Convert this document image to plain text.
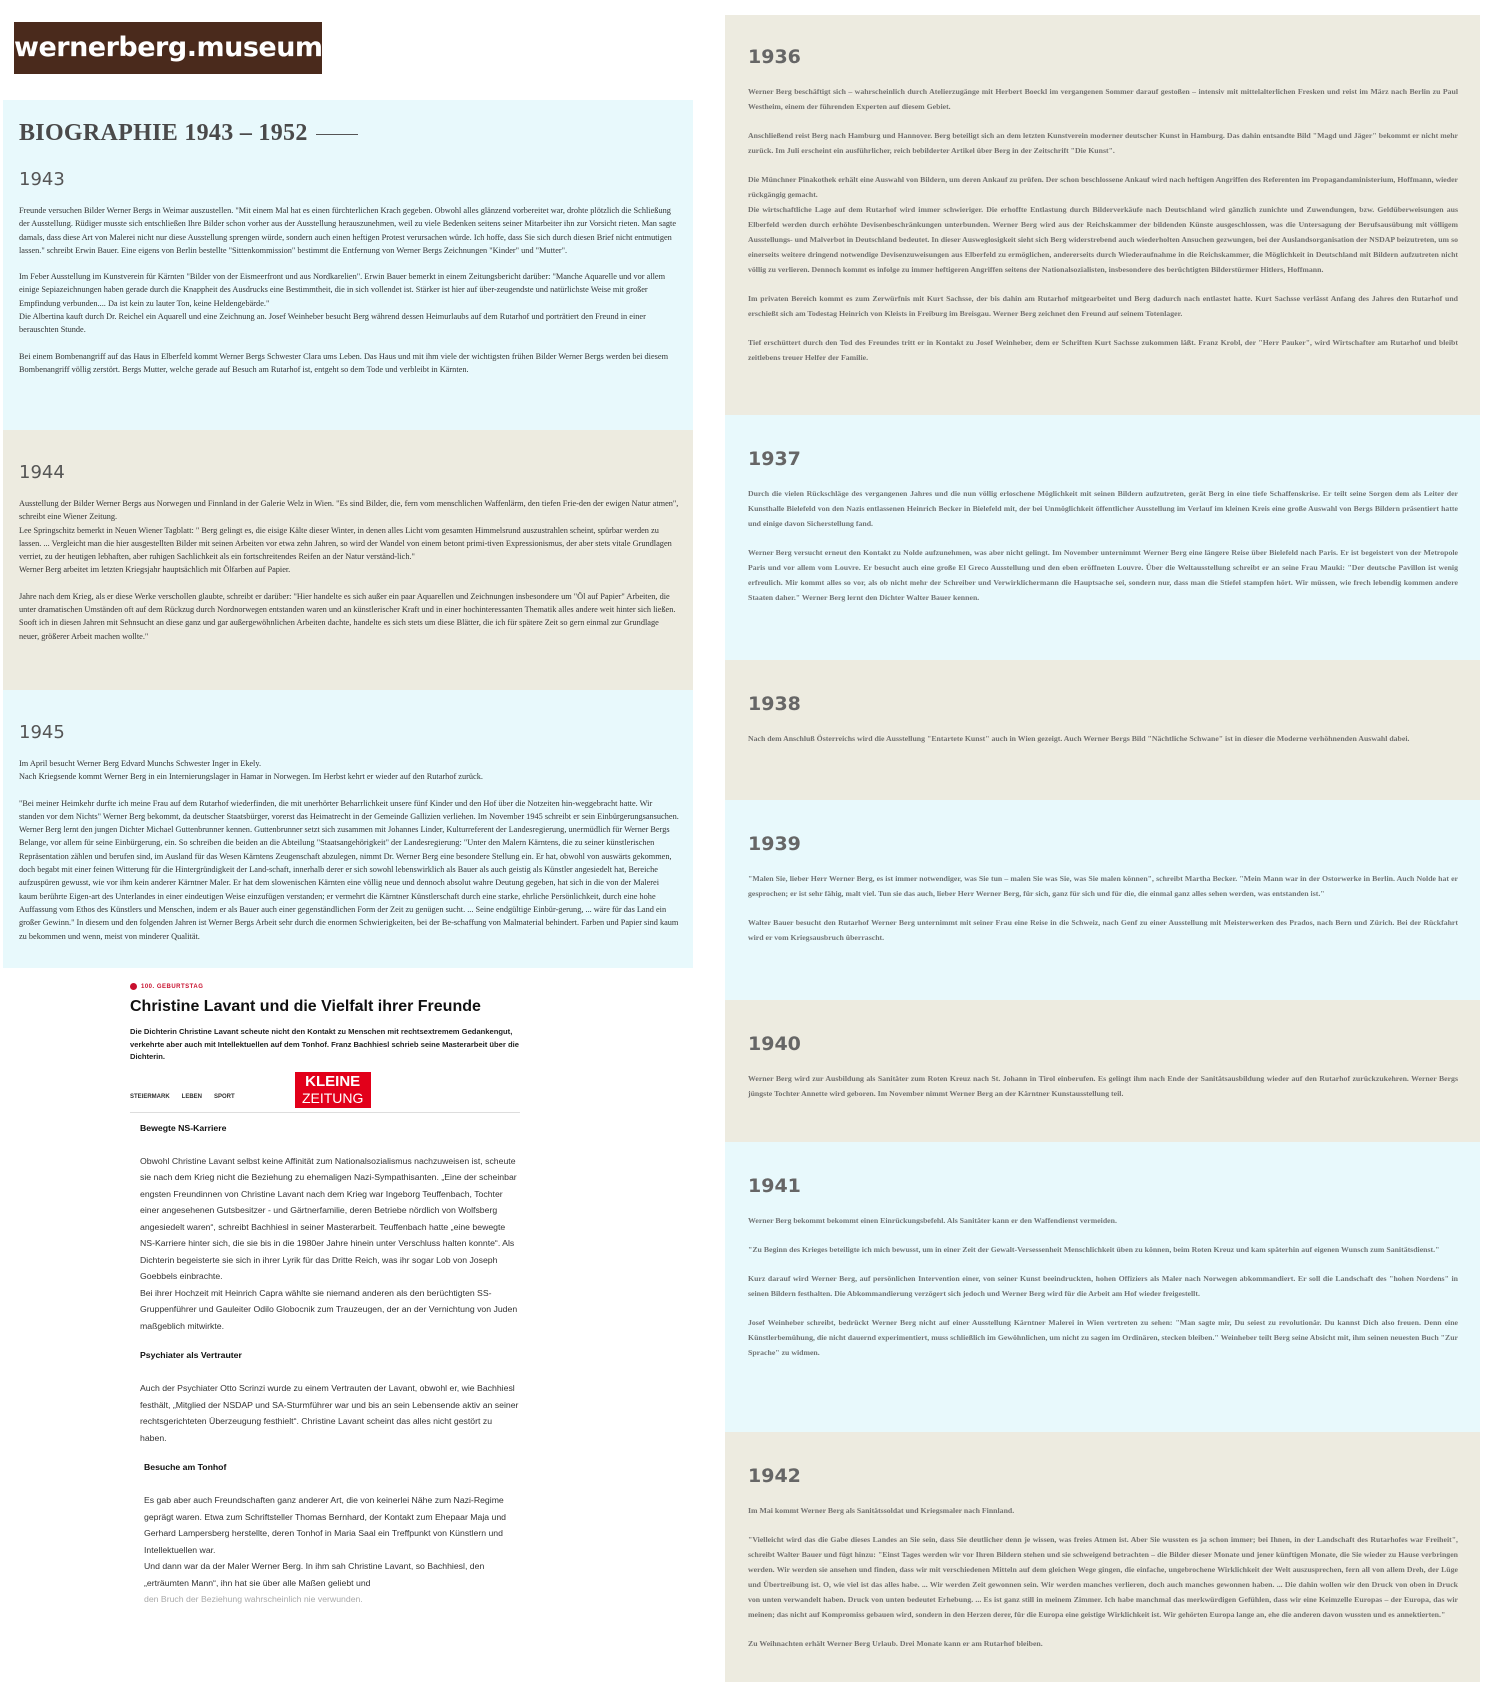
wernerberg.museum
BIOGRAPHIE 1943 – 1952
1943

Freunde versuchen Bilder Werner Bergs in Weimar auszustellen. "Mit einem Mal hat es einen fürchterlichen Krach gegeben. Obwohl alles glänzend vorbereitet war, drohte plötzlich die Schließung der Ausstellung. Rüdiger musste sich entschließen Ihre Bilder schon vorher aus der Ausstellung herauszunehmen, weil zu viele Bedenken seitens seiner Mitarbeiter ihn zur Vorsicht rieten. Man sagte damals, dass diese Art von Malerei nicht nur diese Ausstellung sprengen würde, sondern auch einen heftigen Protest verursachen würde. Ich hoffe, dass Sie sich durch diesen Brief nicht entmutigen lassen." schreibt Erwin Bauer. Eine eigens von Berlin bestellte "Sittenkommission" bestimmt die Entfernung von Werner Bergs Zeichnungen "Kinder" und "Mutter".

Im Feber Ausstellung im Kunstverein für Kärnten "Bilder von der Eismeerfront und aus Nordkarelien". Erwin Bauer bemerkt in einem Zeitungsbericht darüber: "Manche Aquarelle und vor allem einige Sepiazeichnungen haben gerade durch die Knappheit des Ausdrucks eine Bestimmtheit, die in sich vollendet ist. Stärker ist hier auf über-zeugendste und natürlichste Weise mit großer Empfindung verbunden.... Da ist kein zu lauter Ton, keine Heldengebärde."
Die Albertina kauft durch Dr. Reichel ein Aquarell und eine Zeichnung an. Josef Weinheber besucht Berg während dessen Heimurlaubs auf dem Rutarhof und porträtiert den Freund in einer berauschten Stunde.

Bei einem Bombenangriff auf das Haus in Elberfeld kommt Werner Bergs Schwester Clara ums Leben. Das Haus und mit ihm viele der wichtigsten frühen Bilder Werner Bergs werden bei diesem Bombenangriff völlig zerstört. Bergs Mutter, welche gerade auf Besuch am Rutarhof ist, entgeht so dem Tode und verbleibt in Kärnten.

1944

Ausstellung der Bilder Werner Bergs aus Norwegen und Finnland in der Galerie Welz in Wien. "Es sind Bilder, die, fern vom menschlichen Waffenlärm, den tiefen Frie-den der ewigen Natur atmen", schreibt eine Wiener Zeitung.
Lee Springschitz bemerkt in Neuen Wiener Tagblatt: " Berg gelingt es, die eisige Kälte dieser Winter, in denen alles Licht vom gesamten Himmelsrund auszustrahlen scheint, spürbar werden zu lassen. ... Vergleicht man die hier ausgestellten Bilder mit seinen Arbeiten vor etwa zehn Jahren, so wird der Wandel von einem betont primi-tiven Expressionismus, der aber stets vitale Grundlagen verriet, zu der heutigen lebhaften, aber ruhigen Sachlichkeit als ein fortschreitendes Reifen an der Natur verständ-lich."
Werner Berg arbeitet im letzten Kriegsjahr hauptsächlich mit Ölfarben auf Papier.

Jahre nach dem Krieg, als er diese Werke verschollen glaubte, schreibt er darüber: "Hier handelte es sich außer ein paar Aquarellen und Zeichnungen insbesondere um "Öl auf Papier" Arbeiten, die unter dramatischen Umständen oft auf dem Rückzug durch Nordnorwegen entstanden waren und an künstlerischer Kraft und in einer hochinteressanten Thematik alles andere weit hinter sich ließen. Sooft ich in diesen Jahren mit Sehnsucht an diese ganz und gar außergewöhnlichen Arbeiten dachte, handelte es sich stets um diese Blätter, die ich für spätere Zeit so gern einmal zur Grundlage neuer, größerer Arbeit machen wollte."

1945

Im April besucht Werner Berg Edvard Munchs Schwester Inger in Ekely.
Nach Kriegsende kommt Werner Berg in ein Internierungslager in Hamar in Norwegen. Im Herbst kehrt er wieder auf den Rutarhof zurück.

"Bei meiner Heimkehr durfte ich meine Frau auf dem Rutarhof wiederfinden, die mit unerhörter Beharrlichkeit unsere fünf Kinder und den Hof über die Notzeiten hin-weggebracht hatte. Wir standen vor dem Nichts" Werner Berg bekommt, da deutscher Staatsbürger, vorerst das Heimatrecht in der Gemeinde Gallizien verliehen. Im November 1945 schreibt er sein Einbürgerungsansuchen.
Werner Berg lernt den jungen Dichter Michael Guttenbrunner kennen. Guttenbrunner setzt sich zusammen mit Johannes Linder, Kulturreferent der Landesregierung, unermüdlich für Werner Bergs Belange, vor allem für seine Einbürgerung, ein. So schreiben die beiden an die Abteilung "Staatsangehörigkeit" der Landesregierung: "Unter den Malern Kärntens, die zu seiner künstlerischen Repräsentation zählen und berufen sind, im Ausland für das Wesen Kärntens Zeugenschaft abzulegen, nimmt Dr. Werner Berg eine besondere Stellung ein. Er hat, obwohl von auswärts gekommen, doch begabt mit einer feinen Witterung für die Hintergründigkeit der Land-schaft, innerhalb derer er sich sowohl lebenswirklich als Bauer als auch geistig als Künstler angesiedelt hat, Bereiche aufzuspüren gewusst, wie vor ihm kein anderer Kärntner Maler. Er hat dem slowenischen Kärnten eine völlig neue und dennoch absolut wahre Deutung gegeben, hat sich in die von der Malerei kaum berührte Eigen-art des Unterlandes in einer eindeutigen Weise einzufügen verstanden; er vermehrt die Kärntner Künstlerschaft durch eine starke, ehrliche Persönlichkeit, durch eine hohe Auffassung vom Ethos des Künstlers und Menschen, indem er als Bauer auch einer gegenständlichen Form der Zeit zu genügen sucht. ... Seine endgültige Einbür-gerung, ... wäre für das Land ein großer Gewinn." In diesem und den folgenden Jahren ist Werner Bergs Arbeit sehr durch die enormen Schwierigkeiten, bei der Be-schaffung von Malmaterial behindert. Farben und Papier sind kaum zu bekommen und wenn, meist von minderer Qualität.

100. GEBURTSTAG
Christine Lavant und die Vielfalt ihrer Freunde
Die Dichterin Christine Lavant scheute nicht den Kontakt zu Menschen mit rechtsextremem Gedankengut, verkehrte aber auch mit Intellektuellen auf dem Tonhof. Franz Bachhiesl schrieb seine Masterarbeit über die Dichterin.
STEIERMARK LEBEN SPORT
KLEINE
ZEITUNG
Bewegte NS-Karriere

Obwohl Christine Lavant selbst keine Affinität zum Nationalsozialismus nachzuweisen ist, scheute sie nach dem Krieg nicht die Beziehung zu ehemaligen Nazi-Sympathisanten. „Eine der scheinbar engsten Freundinnen von Christine Lavant nach dem Krieg war Ingeborg Teuffenbach, Tochter einer angesehenen Gutsbesitzer - und Gärtnerfamilie, deren Betriebe nördlich von Wolfsberg angesiedelt waren“, schreibt Bachhiesl in seiner Masterarbeit. Teuffenbach hatte „eine bewegte NS-Karriere hinter sich, die sie bis in die 1980er Jahre hinein unter Verschluss halten konnte“. Als Dichterin begeisterte sie sich in ihrer Lyrik für das Dritte Reich, was ihr sogar Lob von Joseph Goebbels einbrachte.
Bei ihrer Hochzeit mit Heinrich Capra wählte sie niemand anderen als den berüchtigten SS-Gruppenführer und Gauleiter Odilo Globocnik zum Trauzeugen, der an der Vernichtung von Juden maßgeblich mitwirkte.

Psychiater als Vertrauter

Auch der Psychiater Otto Scrinzi wurde zu einem Vertrauten der Lavant, obwohl er, wie Bachhiesl festhält, „Mitglied der NSDAP und SA-Sturmführer war und bis an sein Lebensende aktiv an seiner rechtsgerichteten Überzeugung festhielt“. Christine Lavant scheint das alles nicht gestört zu haben.

Besuche am Tonhof

Es gab aber auch Freundschaften ganz anderer Art, die von keinerlei Nähe zum Nazi-Regime geprägt waren. Etwa zum Schriftsteller Thomas Bernhard, der Kontakt zum Ehepaar Maja und Gerhard Lampersberg herstellte, deren Tonhof in Maria Saal ein Treffpunkt von Künstlern und Intellektuellen war.
Und dann war da der Maler Werner Berg. In ihm sah Christine Lavant, so Bachhiesl, den „erträumten Mann“, ihn hat sie über alle Maßen geliebt und

den Bruch der Beziehung wahrscheinlich nie verwunden.

1936

Werner Berg beschäftigt sich – wahrscheinlich durch Atelierzugänge mit Herbert Boeckl im vergangenen Sommer darauf gestoßen – intensiv mit mittelalterlichen Fresken und reist im März nach Berlin zu Paul Westheim, einem der führenden Experten auf diesem Gebiet.

Anschließend reist Berg nach Hamburg und Hannover. Berg beteiligt sich an dem letzten Kunstverein moderner deutscher Kunst in Hamburg. Das dahin entsandte Bild "Magd und Jäger" bekommt er nicht mehr zurück. Im Juli erscheint ein ausführlicher, reich bebilderter Artikel über Berg in der Zeitschrift "Die Kunst".

Die Münchner Pinakothek erhält eine Auswahl von Bildern, um deren Ankauf zu prüfen. Der schon beschlossene Ankauf wird nach heftigen Angriffen des Referenten im Propagandaministerium, Hoffmann, wieder rückgängig gemacht.
Die wirtschaftliche Lage auf dem Rutarhof wird immer schwieriger. Die erhoffte Entlastung durch Bilderverkäufe nach Deutschland wird gänzlich zunichte und Zuwendungen, bzw. Geldüberweisungen aus Elberfeld werden durch erhöhte Devisenbeschränkungen unterbunden. Werner Berg wird aus der Reichskammer der bildenden Künste ausgeschlossen, was die Untersagung der Berufsausübung mit völligem Ausstellungs- und Malverbot in Deutschland bedeutet. In dieser Ausweglosigkeit sieht sich Berg widerstrebend auch wiederholten Ansuchen gezwungen, bei der Auslandsorganisation der NSDAP beizutreten, um so einerseits weitere dringend notwendige Devisenzuweisungen aus Elberfeld zu ermöglichen, andererseits durch Wiederaufnahme in die Reichskammer, die Möglichkeit in Deutschland mit Bildern aufzutreten nicht völlig zu verlieren. Dennoch kommt es infolge zu immer heftigeren Angriffen seitens der Nationalsozialisten, insbesondere des berüchtigten Bilderstürmer Hitlers, Hoffmann.

Im privaten Bereich kommt es zum Zerwürfnis mit Kurt Sachsse, der bis dahin am Rutarhof mitgearbeitet und Berg dadurch nach entlastet hatte. Kurt Sachsse verlässt Anfang des Jahres den Rutarhof und erschießt sich am Todestag Heinrich von Kleists in Freiburg im Breisgau. Werner Berg zeichnet den Freund auf seinem Totenlager.

Tief erschüttert durch den Tod des Freundes tritt er in Kontakt zu Josef Weinheber, dem er Schriften Kurt Sachsse zukommen läßt. Franz Krobl, der "Herr Pauker", wird Wirtschafter am Rutarhof und bleibt zeitlebens treuer Helfer der Familie.

1937

Durch die vielen Rückschläge des vergangenen Jahres und die nun völlig erloschene Möglichkeit mit seinen Bildern aufzutreten, gerät Berg in eine tiefe Schaffenskrise. Er teilt seine Sorgen dem als Leiter der Kunsthalle Bielefeld von den Nazis entlassenen Heinrich Becker in Bielefeld mit, der bei Unmöglichkeit öffentlicher Ausstellung im Verlauf im kleinen Kreis eine große Auswahl von Bergs Bildern präsentiert hatte und einige davon Sicherstellung fand.

Werner Berg versucht erneut den Kontakt zu Nolde aufzunehmen, was aber nicht gelingt. Im November unternimmt Werner Berg eine längere Reise über Bielefeld nach Paris. Er ist begeistert von der Metropole Paris und vor allem vom Louvre. Er besucht auch eine große El Greco Ausstellung und den eben eröffneten Louvre. Über die Weltausstellung schreibt er an seine Frau Mauki: "Der deutsche Pavillon ist wenig erfreulich. Mir kommt alles so vor, als ob nicht mehr der Schreiber und Verwirklichermann die Hauptsache sei, sondern nur, dass man die Stiefel stampfen hört. Wir müssen, wie frech lebendig kommen andere Staaten daher." Werner Berg lernt den Dichter Walter Bauer kennen.

1938

Nach dem Anschluß Österreichs wird die Ausstellung "Entartete Kunst" auch in Wien gezeigt. Auch Werner Bergs Bild "Nächtliche Schwane" ist in dieser die Moderne verhöhnenden Auswahl dabei.

1939

"Malen Sie, lieber Herr Werner Berg, es ist immer notwendiger, was Sie tun – malen Sie was Sie, was Sie malen können", schreibt Martha Becker. "Mein Mann war in der Ostorwerke in Berlin. Auch Nolde hat er gesprochen; er ist sehr fähig, malt viel. Tun sie das auch, lieber Herr Werner Berg, für sich, ganz für sich und für die, die einmal ganz alles sehen werden, was entstanden ist."

Walter Bauer besucht den Rutarhof Werner Berg unternimmt mit seiner Frau eine Reise in die Schweiz, nach Genf zu einer Ausstellung mit Meisterwerken des Prados, nach Bern und Zürich. Bei der Rückfahrt wird er vom Kriegsausbruch überrascht.

1940

Werner Berg wird zur Ausbildung als Sanitäter zum Roten Kreuz nach St. Johann in Tirol einberufen. Es gelingt ihm nach Ende der Sanitätsausbildung wieder auf den Rutarhof zurückzukehren. Werner Bergs jüngste Tochter Annette wird geboren. Im November nimmt Werner Berg an der Kärntner Kunstausstellung teil.

1941

Werner Berg bekommt bekommt einen Einrückungsbefehl. Als Sanitäter kann er den Waffendienst vermeiden.

"Zu Beginn des Krieges beteiligte ich mich bewusst, um in einer Zeit der Gewalt-Versessenheit Menschlichkeit üben zu können, beim Roten Kreuz und kam späterhin auf eigenen Wunsch zum Sanitätsdienst."

Kurz darauf wird Werner Berg, auf persönlichen Intervention einer, von seiner Kunst beeindruckten, hohen Offiziers als Maler nach Norwegen abkommandiert. Er soll die Landschaft des "hohen Nordens" in seinen Bildern festhalten. Die Abkommandierung verzögert sich jedoch und Werner Berg wird für die Arbeit am Hof wieder freigestellt.

Josef Weinheber schreibt, bedrückt Werner Berg nicht auf einer Ausstellung Kärntner Malerei in Wien vertreten zu sehen: "Man sagte mir, Du seiest zu revolutionär. Du kannst Dich also freuen. Denn eine Künstlerbemühung, die nicht dauernd experimentiert, muss schließlich im Gewöhnlichen, um nicht zu sagen im Ordinären, stecken bleiben." Weinheber teilt Berg seine Absicht mit, ihm seinen neuesten Buch "Zur Sprache" zu widmen.

1942

Im Mai kommt Werner Berg als Sanitätssoldat und Kriegsmaler nach Finnland.

"Vielleicht wird das die Gabe dieses Landes an Sie sein, dass Sie deutlicher denn je wissen, was freies Atmen ist. Aber Sie wussten es ja schon immer; bei Ihnen, in der Landschaft des Rutarhofes war Freiheit", schreibt Walter Bauer und fügt hinzu: "Einst Tages werden wir vor Ihren Bildern stehen und sie schweigend betrachten – die Bilder dieser Monate und jener künftigen Monate, die Sie wieder zu Hause verbringen werden. Wir werden sie ansehen und finden, dass wir mit verschiedenen Mitteln auf dem gleichen Wege gingen, die einfache, ungebrochene Wirklichkeit der Welt auszusprechen, fern all von allem Dreh, der Lüge und Übertreibung ist. O, wie viel ist das alles habe. ... Wir werden Zeit gewonnen sein. Wir werden manches verlieren, doch auch manches gewonnen haben. ... Die dahin wollen wir den Druck von oben in Druck von unten verwandelt haben. Druck von unten bedeutet Erhebung. ... Es ist ganz still in meinem Zimmer. Ich habe manchmal das merkwürdigen Gefühlen, dass wir eine Keimzelle Europas – der Europa, das wir meinen; das nicht auf Kompromiss gebauen wird, sondern in den Herzen derer, für die Europa eine geistige Wirklichkeit ist. Wir gehörten Europa lange an, ehe die anderen davon wussten und es annektierten."

Zu Weihnachten erhält Werner Berg Urlaub. Drei Monate kann er am Rutarhof bleiben.
